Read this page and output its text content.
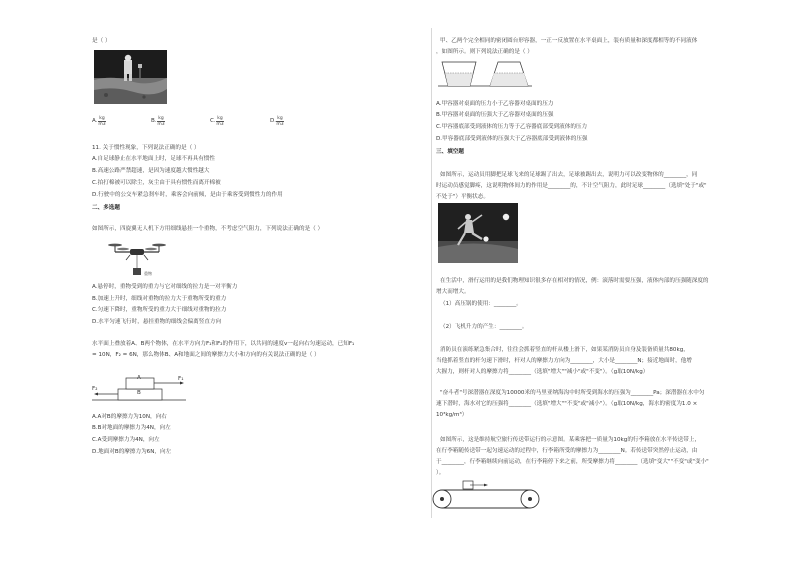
是（ ）
A. $\frac{kg}{m3}$	B. $\frac{kg}{m3}$	C. $\frac{kg}{m3}$	D. $\frac{kg}{m3}$
11. 关于惯性现象，下列说法正确的是（ ）
A.自足球静止在水平地面上时，足球不再具有惯性
B.高速公路严禁超速，是因为速度越大惯性越大
C.拍打棉被可以除尘，灰尘由于具有惯性而离开棉被
D.行驶中的公交车紧急刹车时，乘客会向前倾，是由于乘客受到惯性力的作用
二、多选题
如图所示，四旋翼无人机下方用细线悬挂一个重物，不考虑空气阻力，下列说法正确的是（ ）
重物
A.悬停时，重物受到的重力与它对细线的拉力是一对平衡力
B.加速上升时，细线对重物的拉力大于重物所受的重力
C.匀速下降时，重物所受的重力大于细线对重物的拉力
D.水平匀速飞行时，悬挂重物的细线会偏离竖直方向
水平面上叠放着A、B两个物体，在水平方向力F₁和F₂的作用下，以共同的速度v一起向右匀速运动，已知F₁
= 10N，F₂ = 6N，那么物体B、A和地面之间的摩擦力大小和方向的有关说法正确的是（ ）
A
B
F₁
F₂
A.A对B的摩擦力为10N，向右
B.B对地面的摩擦力为4N，向左
C.A受到摩擦力为4N，向左
D.地面对B的摩擦力为6N，向左
甲、乙两个完全相同的密闭圆台形容器，一正一反放置在水平桌面上，装有质量和深度都相等的不同液体
，如图所示。则下列说法正确的是（ ）
A.甲容器对桌面的压力小于乙容器对桌面的压力
B.甲容器对桌面的压强大于乙容器对桌面的压强
C.甲容器底部受到液体的压力等于乙容器底部受到液体的压力
D.甲容器底部受到液体的压强大于乙容器底部受到液体的压强
三、填空题
如图所示，运动员用脚把足球飞来的足球踢了出去，足球被踢出去，说明力可以改变物体的________，同
时运动员感觉脚疼，这说明物体间力的作用是________的，不计空气阻力，此时足球________（选填"处于"或"
不处于"）平衡状态。
在生活中，滑行运用的是我们物理知识很多存在相对的情况，例：滚落时需要压强，液体内部的压强随深度的
增大而增大。
（1）高压锅的使用：________。
（2）飞机升力的产生：________。
消防员在演练紧急集合时，往往会抓着竖直的杆从楼上滑下，如果某消防员自身及装备质量共80kg，
当他抓着竖直的杆匀速下滑时，杆对人的摩擦力方向为________，大小是________N；接近地面时，他增
大握力，则杆对人的摩擦力将________（选填"增大""减小"或"不变"）。（g取10N/kg）
"奋斗者"号深潜器在深度为10000米的马里亚纳海沟中时所受到海水的压强为________Pa；深潜器在水中匀
速下潜时，海水对它的压强将________（选填"增大""不变"或"减小"）。（g取10N/kg，海水的密度为1.0 ×
10³kg/m³）
如图所示，这是维持航空旅行传送带运行的示意图。某乘客把一质量为10kg的行李箱放在水平传送带上，
在行李箱随传送带一起匀速运动的过程中，行李箱所受的摩擦力为________N。若传送带突然停止运动，由
于________，行李箱继续向前运动，在行李箱停下来之前，所受摩擦力将________（选填"变大""不变"或"变小"
）。
